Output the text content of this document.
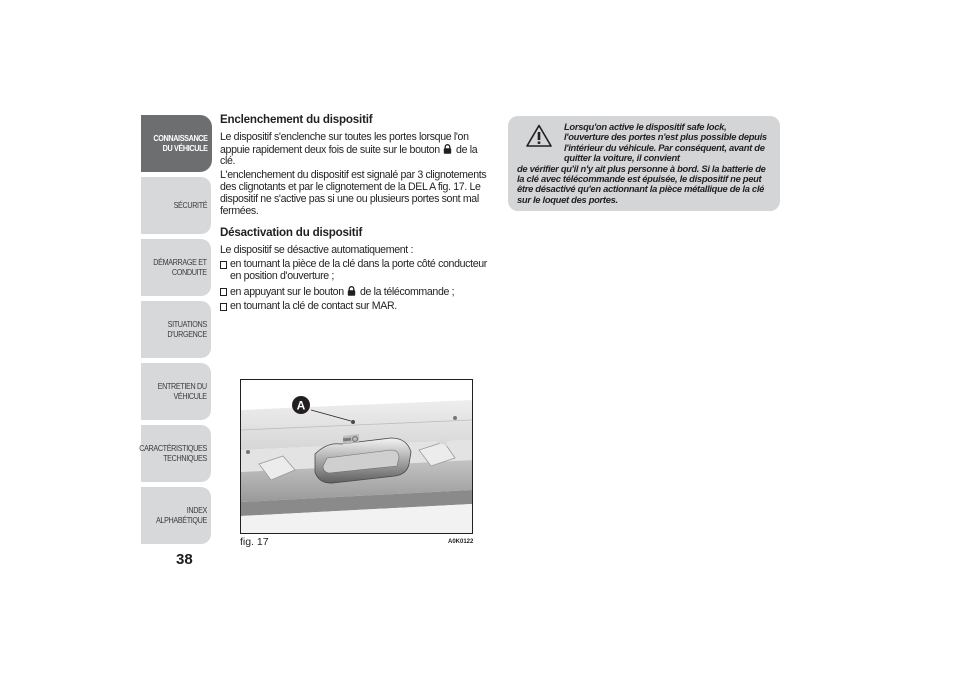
CONNAISSANCE
DU VÉHICULE
SÉCURITÉ
DÉMARRAGE ET
CONDUITE
SITUATIONS
D'URGENCE
ENTRETIEN DU
VÉHICULE
CARACTÉRISTIQUES
TECHNIQUES
INDEX
ALPHABÉTIQUE
38
Enclenchement du dispositif

Le dispositif s'enclenche sur toutes les portes lorsque l'on appuie rapidement deux fois de suite sur le bouton de la clé.

L'enclenchement du dispositif est signalé par 3 clignotements des clignotants et par le clignotement de la DEL A fig. 17. Le dispositif ne s'active pas si une ou plusieurs portes sont mal fermées.

Désactivation du dispositif

Le dispositif se désactive automatiquement :

en tournant la pièce de la clé dans la porte côté conducteur en position d'ouverture ;
en appuyant sur le bouton de la télécommande ;
en tournant la clé de contact sur MAR.
Lorsqu'on active le dispositif safe lock, l'ouverture des portes n'est plus possible depuis l'intérieur du véhicule. Par conséquent, avant de quitter la voiture, il convient
de vérifier qu'il n'y ait plus personne à bord. Si la batterie de la clé avec télécommande est épuisée, le dispositif ne peut être désactivé qu'en actionnant la pièce métallique de la clé sur le loquet des portes.
A
fig. 17	A0K0122
